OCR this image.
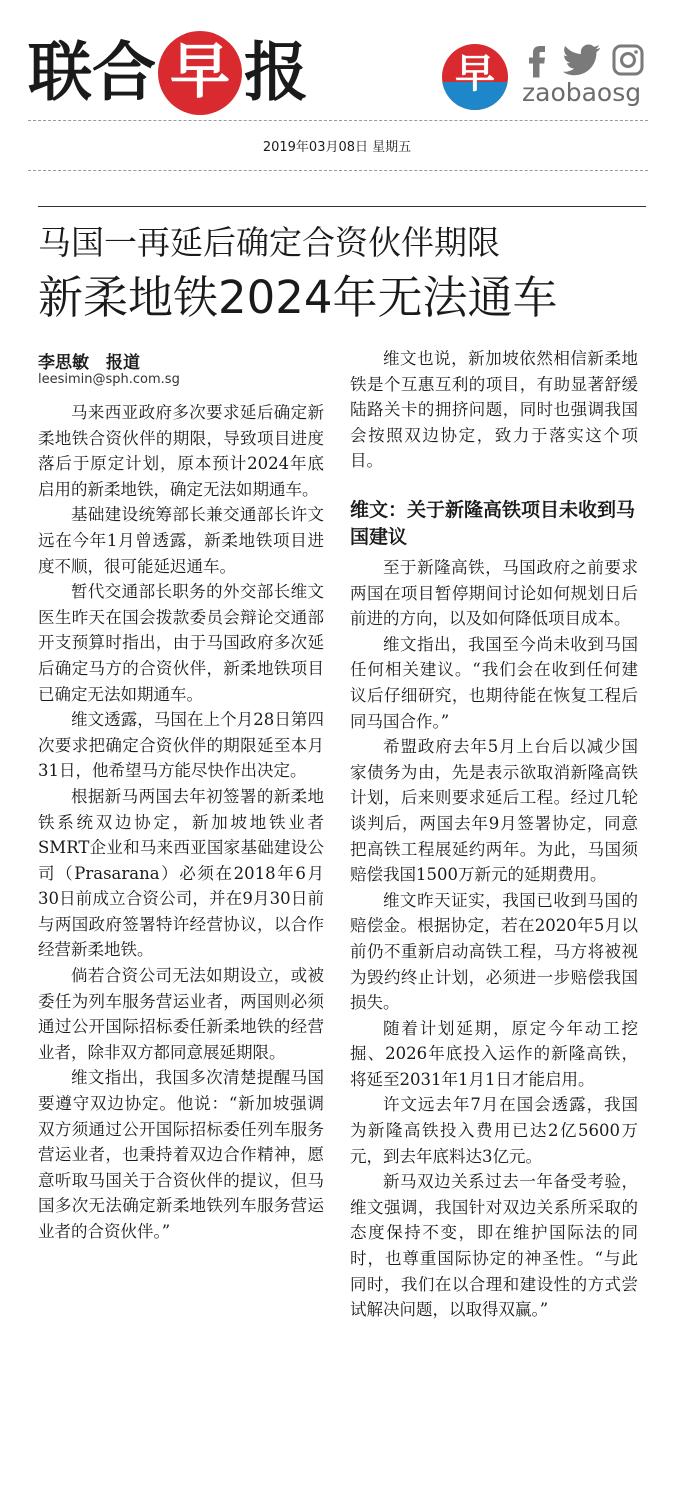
联合 早 报	早	zaobaosg
2019年03月08日 星期五
马国一再延后确定合资伙伴期限
新柔地铁2024年无法通车
李思敏　报道
leesimin@sph.com.sg

马来西亚政府多次要求延后确定新柔地铁合资伙伴的期限，导致项目进度落后于原定计划，原本预计2024年底启用的新柔地铁，确定无法如期通车。

基础建设统筹部长兼交通部长许文远在今年1月曾透露，新柔地铁项目进度不顺，很可能延迟通车。

暂代交通部长职务的外交部长维文医生昨天在国会拨款委员会辩论交通部开支预算时指出，由于马国政府多次延后确定马方的合资伙伴，新柔地铁项目已确定无法如期通车。

维文透露，马国在上个月28日第四次要求把确定合资伙伴的期限延至本月31日，他希望马方能尽快作出决定。

根据新马两国去年初签署的新柔地铁系统双边协定，新加坡地铁业者SMRT企业和马来西亚国家基础建设公司（Prasarana）必须在2018年6月30日前成立合资公司，并在9月30日前与两国政府签署特许经营协议，以合作经营新柔地铁。

倘若合资公司无法如期设立，或被委任为列车服务营运业者，两国则必须通过公开国际招标委任新柔地铁的经营业者，除非双方都同意展延期限。

维文指出，我国多次清楚提醒马国要遵守双边协定。他说：“新加坡强调双方须通过公开国际招标委任列车服务营运业者，也秉持着双边合作精神，愿意听取马国关于合资伙伴的提议，但马国多次无法确定新柔地铁列车服务营运业者的合资伙伴。”

维文也说，新加坡依然相信新柔地铁是个互惠互利的项目，有助显著舒缓陆路关卡的拥挤问题，同时也强调我国会按照双边协定，致力于落实这个项目。

维文：关于新隆高铁项目未收到马国建议

至于新隆高铁，马国政府之前要求两国在项目暂停期间讨论如何规划日后前进的方向，以及如何降低项目成本。

维文指出，我国至今尚未收到马国任何相关建议。“我们会在收到任何建议后仔细研究，也期待能在恢复工程后同马国合作。”

希盟政府去年5月上台后以减少国家债务为由，先是表示欲取消新隆高铁计划，后来则要求延后工程。经过几轮谈判后，两国去年9月签署协定，同意把高铁工程展延约两年。为此，马国须赔偿我国1500万新元的延期费用。

维文昨天证实，我国已收到马国的赔偿金。根据协定，若在2020年5月以前仍不重新启动高铁工程，马方将被视为毁约终止计划，必须进一步赔偿我国损失。

随着计划延期，原定今年动工挖掘、2026年底投入运作的新隆高铁，将延至2031年1月1日才能启用。

许文远去年7月在国会透露，我国为新隆高铁投入费用已达2亿5600万元，到去年底料达3亿元。

新马双边关系过去一年备受考验，维文强调，我国针对双边关系所采取的态度保持不变，即在维护国际法的同时，也尊重国际协定的神圣性。“与此同时，我们在以合理和建设性的方式尝试解决问题，以取得双赢。”
